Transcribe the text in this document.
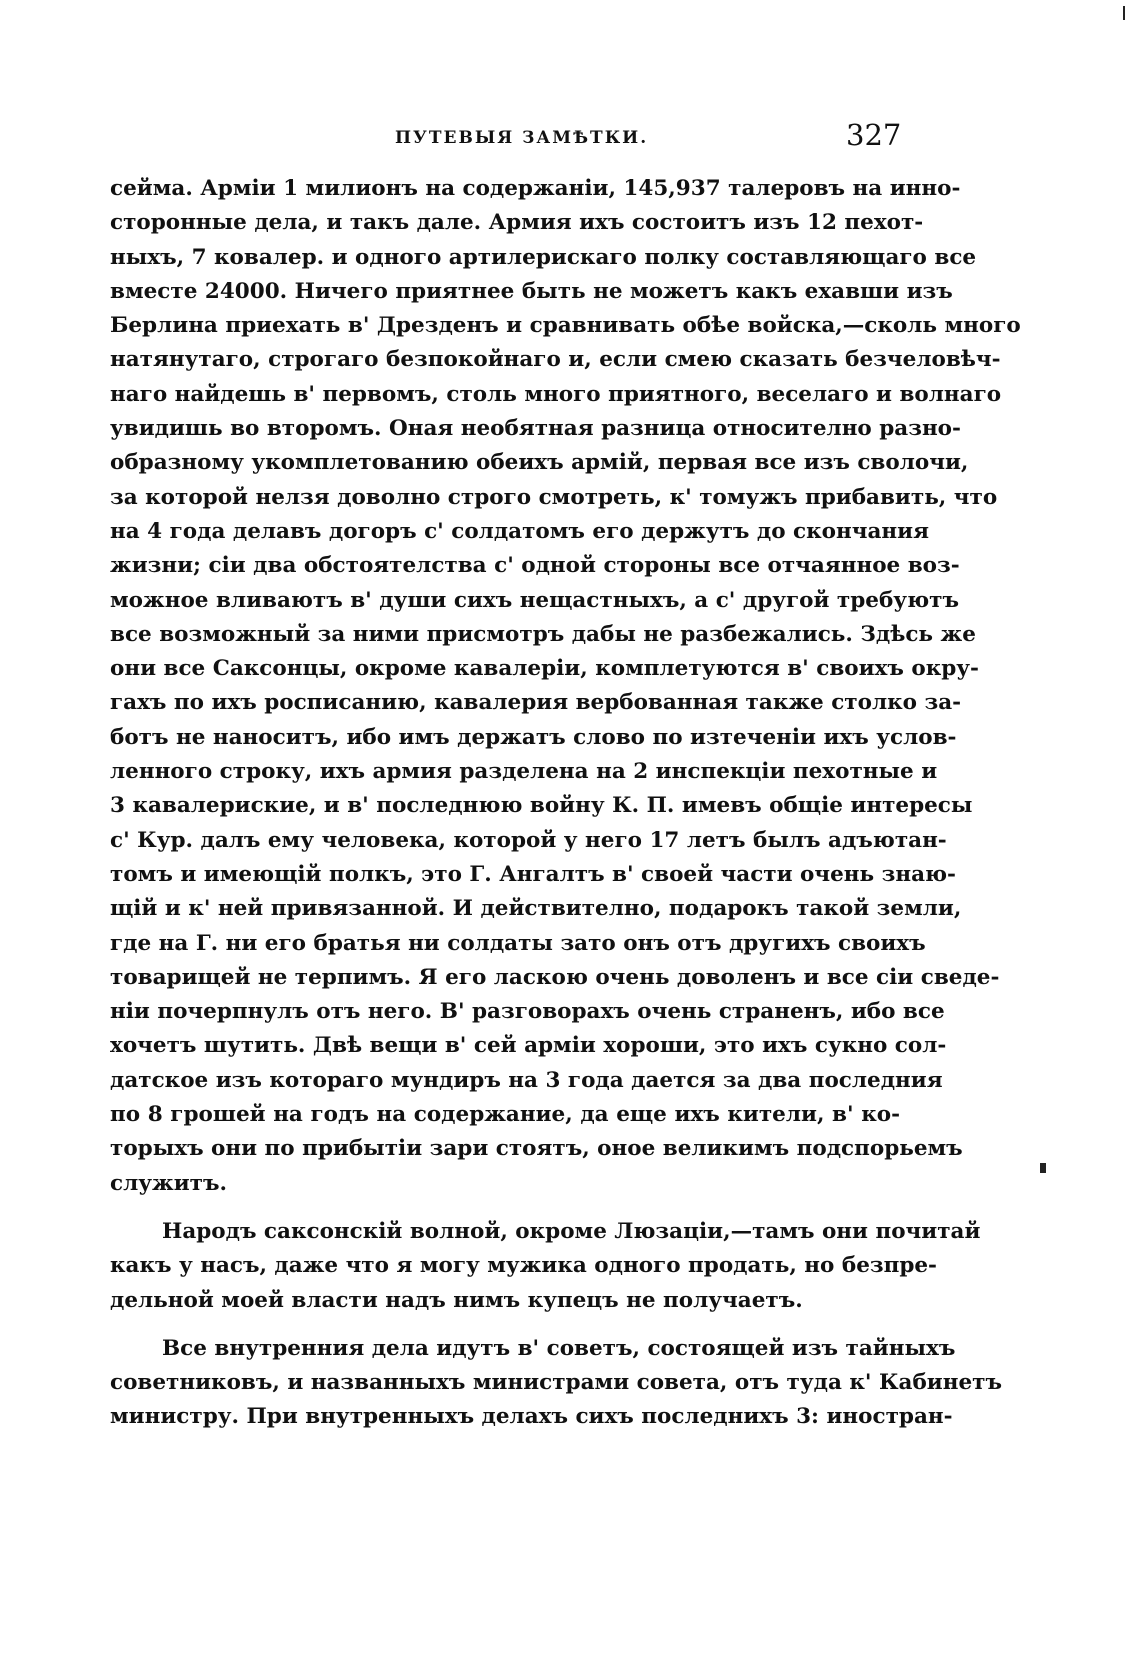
ПУТЕВЫЯ ЗАМѢТКИ.	327
сейма. Арміи 1 милионъ на содержаніи, 145,937 талеровъ на инно-
сторонные дела, и такъ дале. Армия ихъ состоитъ изъ 12 пехот-
ныхъ, 7 ковалер. и одного артилерискаго полку составляющаго все
вместе 24000. Ничего приятнее быть не можетъ какъ ехавши изъ
Берлина приехать в' Дрезденъ и сравнивать обѣе войска,—сколь много
натянутаго, строгаго безпокойнаго и, если смею сказать безчеловѣч-
наго найдешь в' первомъ, столь много приятного, веселаго и волнаго
увидишь во второмъ. Оная необятная разница относително разно-
образному укомплетованию обеихъ армій, первая все изъ сволочи,
за которой нелзя доволно строго смотреть, к' томужъ прибавить, что
на 4 года делавъ догоръ с' солдатомъ его держутъ до скончания
жизни; сіи два обстоятелства с' одной стороны все отчаянное воз-
можное вливаютъ в' души сихъ нещастныхъ, а с' другой требуютъ
все возможный за ними присмотръ дабы не разбежались. Здѣсь же
они все Саксонцы, окроме кавалеріи, комплетуются в' своихъ окру-
гахъ по ихъ росписанию, кавалерия вербованная также столко за-
ботъ не наноситъ, ибо имъ держатъ слово по изтеченіи ихъ услов-
ленного строку, ихъ армия разделена на 2 инспекціи пехотные и
3 кавалериские, и в' последнюю войну К. П. имевъ общіе интересы
с' Кур. далъ ему человека, которой у него 17 летъ былъ адъютан-
томъ и имеющій полкъ, это Г. Ангалтъ в' своей части очень знаю-
щій и к' ней привязанной. И действително, подарокъ такой земли,
где на Г. ни его братья ни солдаты зато онъ отъ другихъ своихъ
товарищей не терпимъ. Я его ласкою очень доволенъ и все сіи сведе-
ніи почерпнулъ отъ него. В' разговорахъ очень страненъ, ибо все
хочетъ шутить. Двѣ вещи в' сей арміи хороши, это ихъ сукно сол-
датское изъ котораго мундиръ на 3 года дается за два последния
по 8 грошей на годъ на содержание, да еще ихъ кители, в' ко-
торыхъ они по прибытіи зари стоятъ, оное великимъ подспорьемъ
служитъ.
Народъ саксонскій волной, окроме Люзаціи,—тамъ они почитай
какъ у насъ, даже что я могу мужика одного продать, но безпре-
дельной моей власти надъ нимъ купецъ не получаетъ.
Все внутренния дела идутъ в' советъ, состоящей изъ тайныхъ
советниковъ, и названныхъ министрами совета, отъ туда к' Кабинетъ
министру. При внутренныхъ делахъ сихъ последнихъ 3: иностран-
